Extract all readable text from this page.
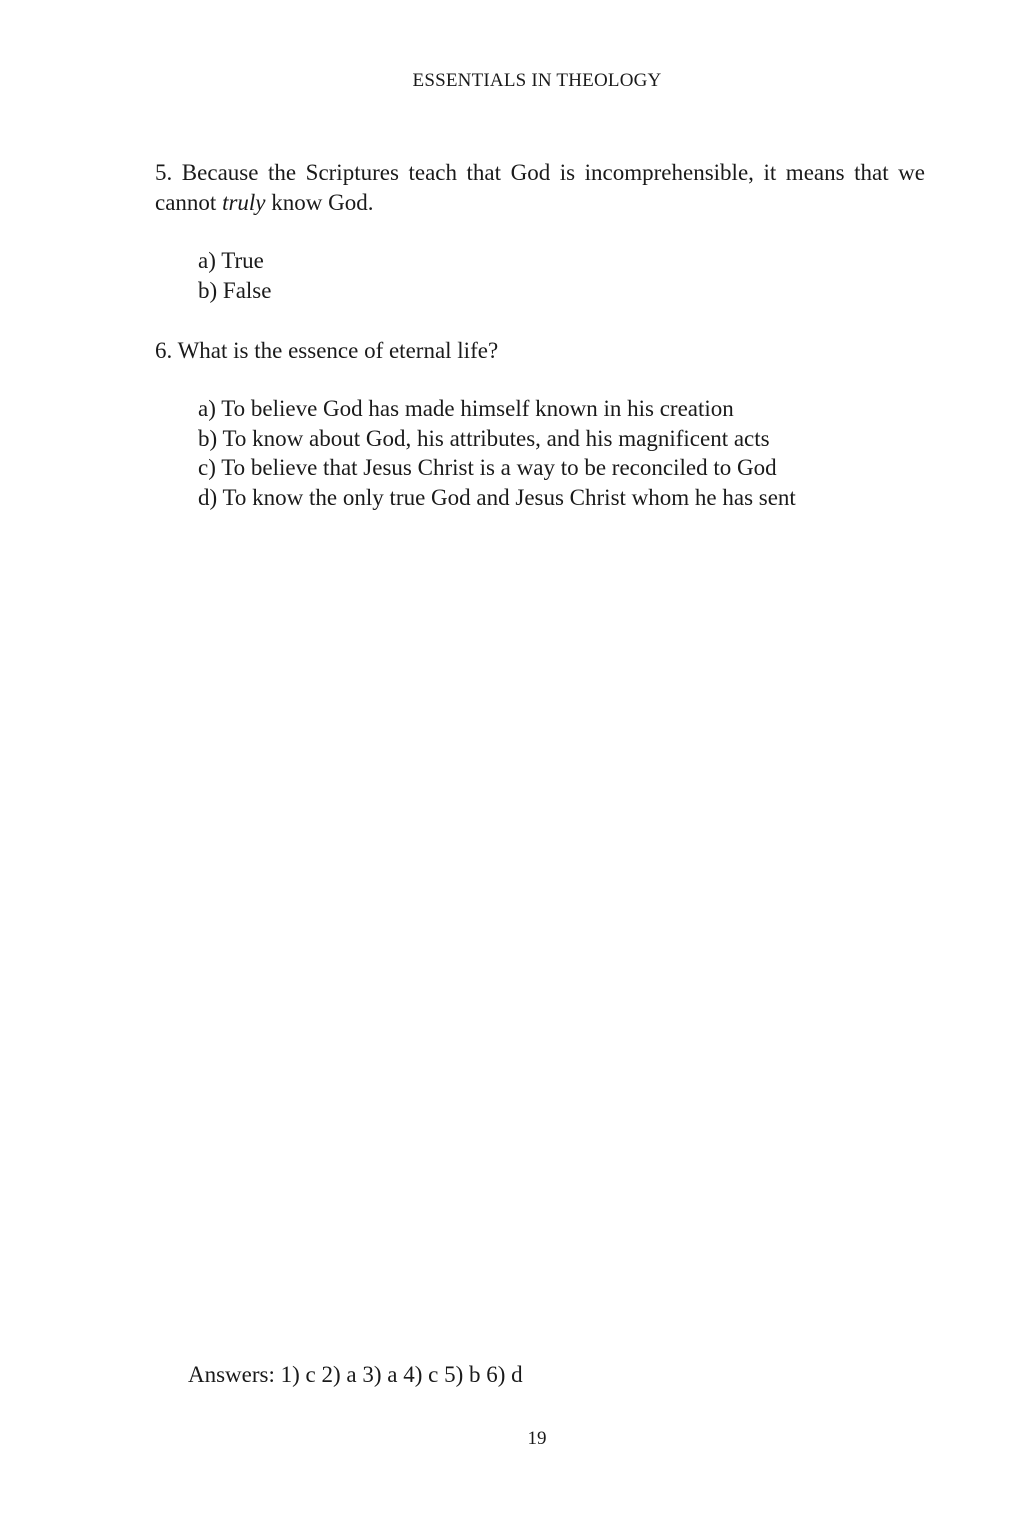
ESSENTIALS IN THEOLOGY

5. Because the Scriptures teach that God is incomprehensible, it means that we cannot truly know God.

a) True
b) False

6. What is the essence of eternal life?

a) To believe God has made himself known in his creation
b) To know about God, his attributes, and his magnificent acts
c) To believe that Jesus Christ is a way to be reconciled to God
d) To know the only true God and Jesus Christ whom he has sent
Answers: 1) c 2) a 3) a 4) c 5) b 6) d
19
